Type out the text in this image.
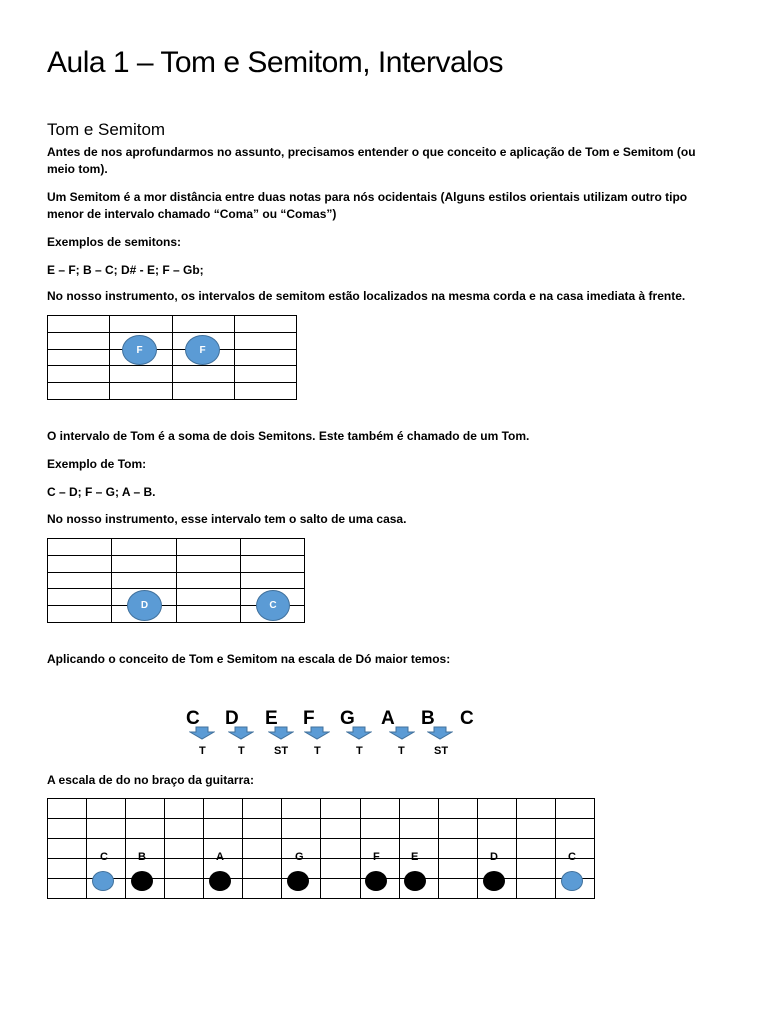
Aula 1 – Tom e Semitom, Intervalos
Tom e Semitom

Antes de nos aprofundarmos no assunto, precisamos entender o que conceito e aplicação de Tom e Semitom (ou meio tom).

Um Semitom é a mor distância entre duas notas para nós ocidentais (Alguns estilos orientais utilizam outro tipo menor de intervalo chamado “Coma” ou “Comas”)

Exemplos de semitons:

E – F; B – C; D# - E; F – Gb;

No nosso instrumento, os intervalos de semitom estão localizados na mesma corda e na casa imediata à frente.

F	F

O intervalo de Tom é a soma de dois Semitons. Este também é chamado de um Tom.

Exemplo de Tom:

C – D; F – G; A – B.

No nosso instrumento, esse intervalo tem o salto de uma casa.

D	C

Aplicando o conceito de Tom e Semitom na escala de Dó maior temos:

C D E F G A B C
T	T	ST T	T	T	ST

A escala de do no braço da guitarra:

C	B	A	G	F	E	D	C
